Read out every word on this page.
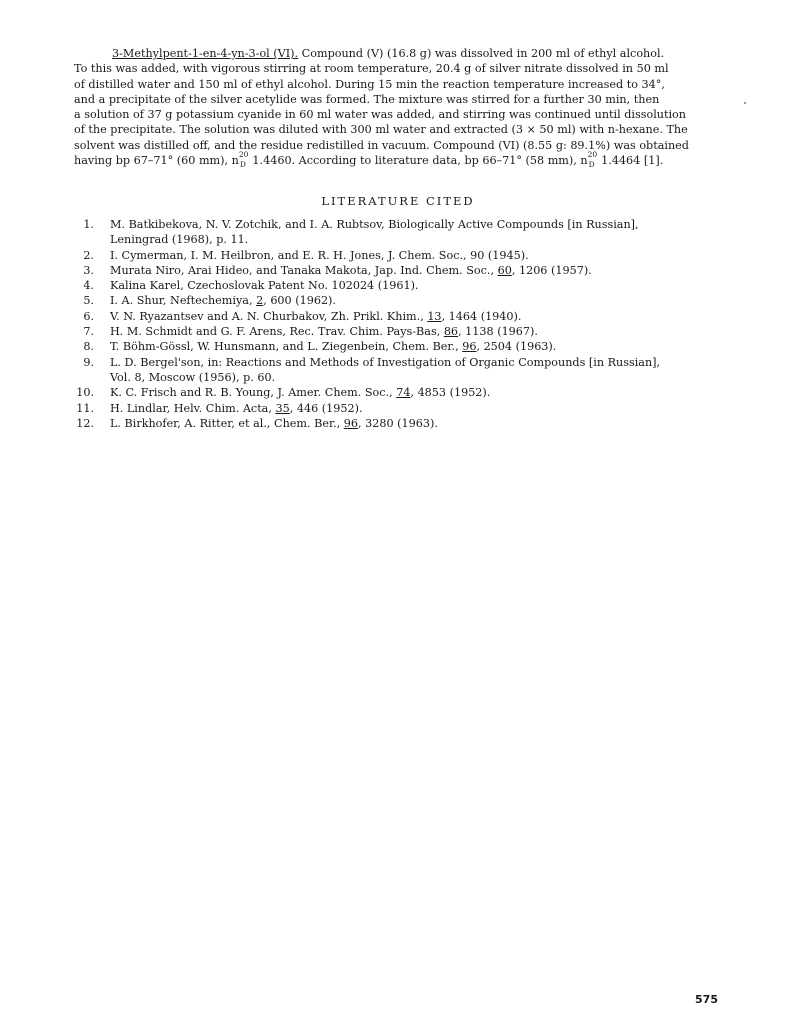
3-Methylpent-1-en-4-yn-3-ol (VI). Compound (V) (16.8 g) was dissolved in 200 ml of ethyl alcohol.
To this was added, with vigorous stirring at room temperature, 20.4 g of silver nitrate dissolved in 50 ml
of distilled water and 150 ml of ethyl alcohol. During 15 min the reaction temperature increased to 34°,
and a precipitate of the silver acetylide was formed. The mixture was stirred for a further 30 min, then
a solution of 37 g potassium cyanide in 60 ml water was added, and stirring was continued until dissolution
of the precipitate. The solution was diluted with 300 ml water and extracted (3 × 50 ml) with n-hexane. The
solvent was distilled off, and the residue redistilled in vacuum. Compound (VI) (8.55 g: 89.1%) was obtained
having bp 67–71° (60 mm), n 20
D 1.4460. According to literature data, bp 66–71° (58 mm), n 20
D 1.4464 [1].
LITERATURE CITED
1. M. Batkibekova, N. V. Zotchik, and I. A. Rubtsov, Biologically Active Compounds [in Russian],
Leningrad (1968), p. 11.
2. I. Cymerman, I. M. Heilbron, and E. R. H. Jones, J. Chem. Soc., 90 (1945).
3. Murata Niro, Arai Hideo, and Tanaka Makota, Jap. Ind. Chem. Soc., 60, 1206 (1957).
4. Kalina Karel, Czechoslovak Patent No. 102024 (1961).
5. I. A. Shur, Neftechemiya, 2, 600 (1962).
6. V. N. Ryazantsev and A. N. Churbakov, Zh. Prikl. Khim., 13, 1464 (1940).
7. H. M. Schmidt and G. F. Arens, Rec. Trav. Chim. Pays-Bas, 86, 1138 (1967).
8. T. Böhm-Gössl, W. Hunsmann, and L. Ziegenbein, Chem. Ber., 96, 2504 (1963).
9. L. D. Bergel'son, in: Reactions and Methods of Investigation of Organic Compounds [in Russian],
Vol. 8, Moscow (1956), p. 60.
10. K. C. Frisch and R. B. Young, J. Amer. Chem. Soc., 74, 4853 (1952).
11. H. Lindlar, Helv. Chim. Acta, 35, 446 (1952).
12. L. Birkhofer, A. Ritter, et al., Chem. Ber., 96, 3280 (1963).
575
